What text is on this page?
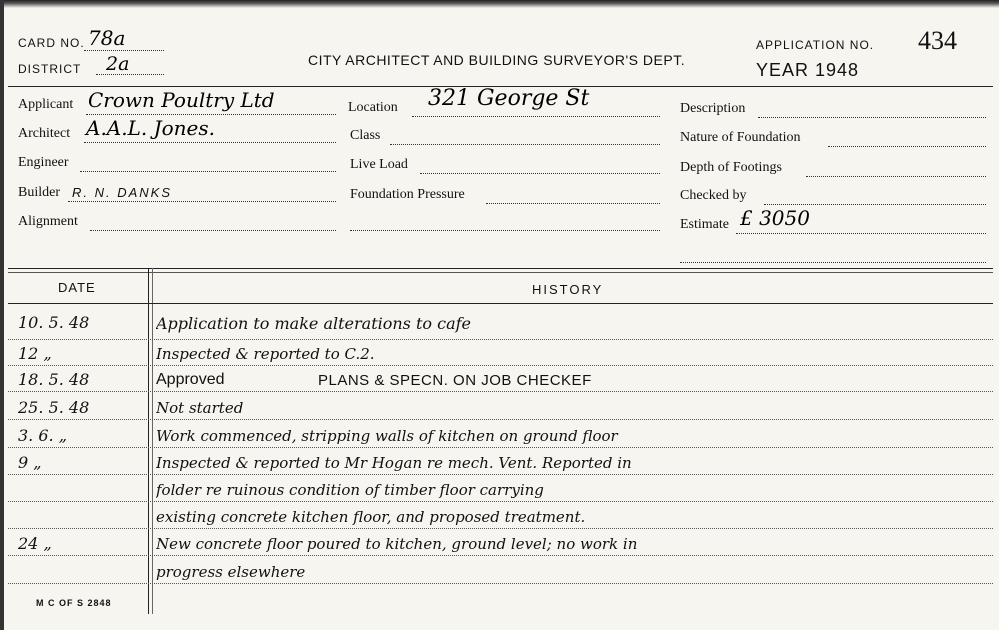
CARD NO. 78a
DISTRICT 2a	CITY ARCHITECT AND BUILDING SURVEYOR'S DEPT.
APPLICATION NO. 434
YEAR 1948
Applicant Crown Poultry Ltd
Architect A.A.L. Jones.
Engineer
Builder R. N. DANKS
Alignment
Location 321 George St
Class
Live Load
Foundation Pressure
Description
Nature of Foundation
Depth of Footings
Checked by
Estimate £ 3050
DATE	HISTORY
10. 5. 48	Application to make alterations to cafe
12 „	Inspected & reported to C.2.
18. 5. 48	Approved	PLANS & SPECN. ON JOB CHECKEF
25. 5. 48	Not started
3. 6. „	Work commenced, stripping walls of kitchen on ground floor
9 „	Inspected & reported to Mr Hogan re mech. Vent. Reported in
folder re ruinous condition of timber floor carrying
existing concrete kitchen floor, and proposed treatment.
24 „	New concrete floor poured to kitchen, ground level; no work in
progress elsewhere
M C OF S 2848
